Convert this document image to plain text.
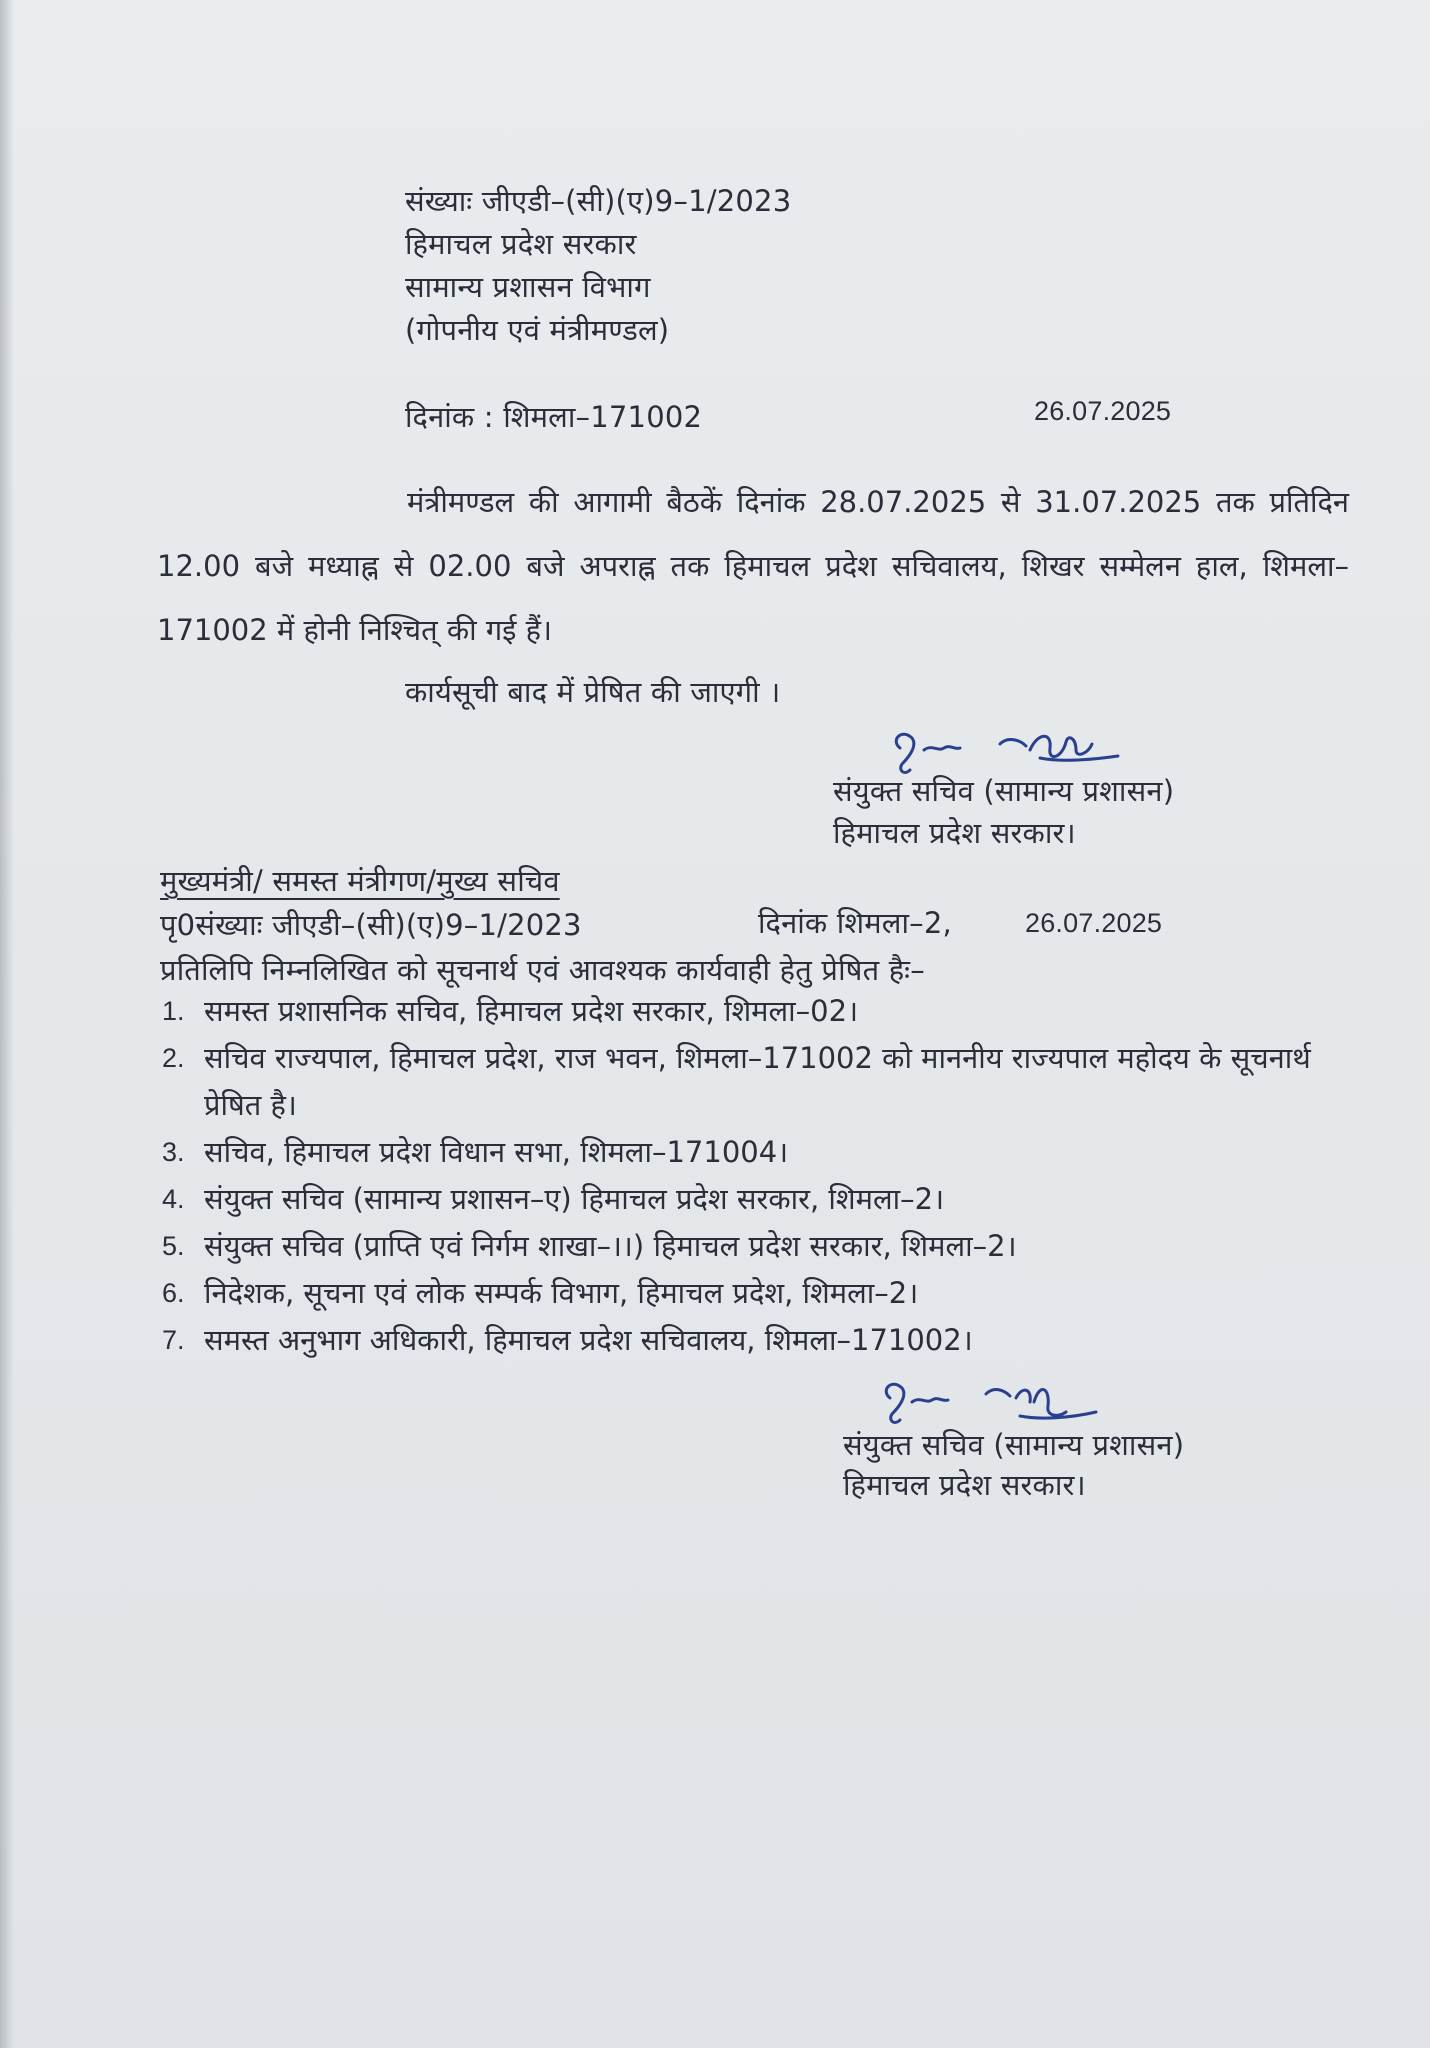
संख्याः जीएडी–(सी)(ए)9–1/2023
हिमाचल प्रदेश सरकार
सामान्य प्रशासन विभाग
(गोपनीय एवं मंत्रीमण्डल)
दिनांक : शिमला–171002	26.07.2025
मंत्रीमण्डल की आगामी बैठकें दिनांक 28.07.2025 से 31.07.2025 तक प्रतिदिन 12.00 बजे मध्याह्न से 02.00 बजे अपराह्न तक हिमाचल प्रदेश सचिवालय, शिखर सम्मेलन हाल, शिमला–171002 में होनी निश्चित् की गई हैं।
कार्यसूची बाद में प्रेषित की जाएगी ।
संयुक्त सचिव (सामान्य प्रशासन)
हिमाचल प्रदेश सरकार।
मुख्यमंत्री/ समस्त मंत्रीगण/मुख्य सचिव
पृ0संख्याः जीएडी–(सी)(ए)9–1/2023	दिनांक शिमला–2,	26.07.2025
प्रतिलिपि निम्नलिखित को सूचनार्थ एवं आवश्यक कार्यवाही हेतु प्रेषित हैः–
1. समस्त प्रशासनिक सचिव, हिमाचल प्रदेश सरकार, शिमला–02।
2. सचिव राज्यपाल, हिमाचल प्रदेश, राज भवन, शिमला–171002 को माननीय राज्यपाल महोदय के सूचनार्थ प्रेषित है।
3. सचिव, हिमाचल प्रदेश विधान सभा, शिमला–171004।
4. संयुक्त सचिव (सामान्य प्रशासन–ए) हिमाचल प्रदेश सरकार, शिमला–2।
5. संयुक्त सचिव (प्राप्ति एवं निर्गम शाखा–।।) हिमाचल प्रदेश सरकार, शिमला–2।
6. निदेशक, सूचना एवं लोक सम्पर्क विभाग, हिमाचल प्रदेश, शिमला–2।
7. समस्त अनुभाग अधिकारी, हिमाचल प्रदेश सचिवालय, शिमला–171002।
संयुक्त सचिव (सामान्य प्रशासन)
हिमाचल प्रदेश सरकार।
